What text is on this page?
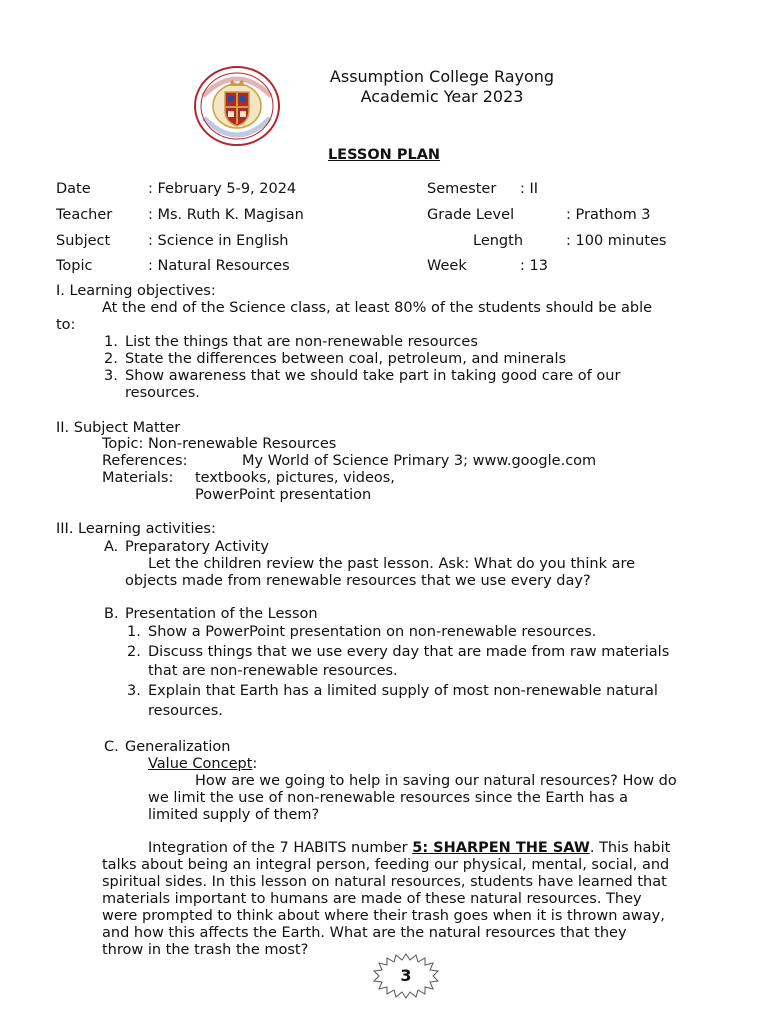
Assumption College Rayong
Academic Year 2023
LESSON PLAN
Date	: February 5-9, 2024	Semester : II
Teacher : Ms. Ruth K. Magisan	Grade Level	: Prathom 3
Subject	: Science in English	Length	: 100 minutes
Topic	: Natural Resources	Week	: 13
I. Learning objectives:
At the end of the Science class, at least 80% of the students should be able
to:
1. List the things that are non-renewable resources
2. State the differences between coal, petroleum, and minerals
3. Show awareness that we should take part in taking good care of our
resources.
II. Subject Matter
Topic: Non-renewable Resources
References:	My World of Science Primary 3; www.google.com
Materials: textbooks, pictures, videos,
PowerPoint presentation
III. Learning activities:
A. Preparatory Activity
Let the children review the past lesson. Ask: What do you think are
objects made from renewable resources that we use every day?
B. Presentation of the Lesson
1. Show a PowerPoint presentation on non-renewable resources.
2. Discuss things that we use every day that are made from raw materials
that are non-renewable resources.
3. Explain that Earth has a limited supply of most non-renewable natural
resources.
C. Generalization
Value Concept:
How are we going to help in saving our natural resources? How do
we limit the use of non-renewable resources since the Earth has a
limited supply of them?
Integration of the 7 HABITS number 5: SHARPEN THE SAW. This habit
talks about being an integral person, feeding our physical, mental, social, and
spiritual sides. In this lesson on natural resources, students have learned that
materials important to humans are made of these natural resources. They
were prompted to think about where their trash goes when it is thrown away,
and how this affects the Earth. What are the natural resources that they
throw in the trash the most?
3
